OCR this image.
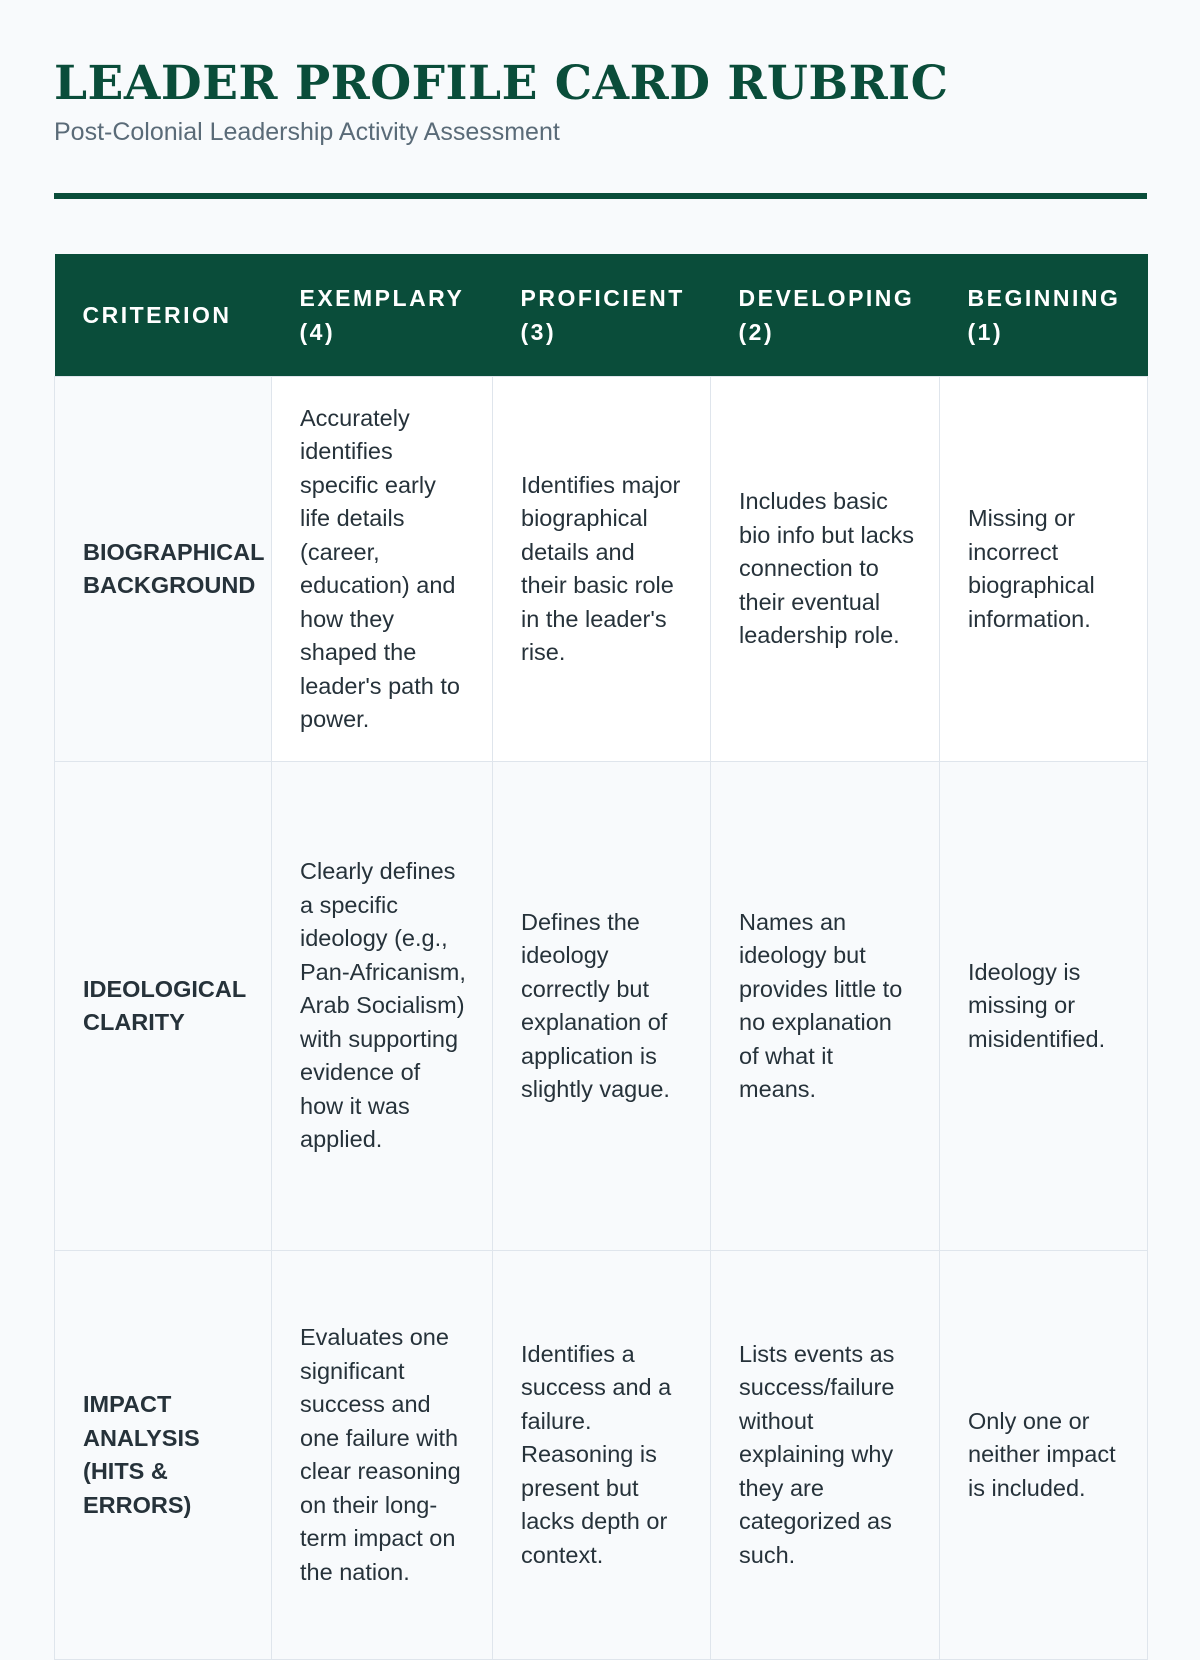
LEADER PROFILE CARD RUBRIC
Post-Colonial Leadership Activity Assessment
CRITERION	EXEMPLARY (4)	PROFICIENT (3)	DEVELOPING (2)	BEGINNING (1)
BIOGRAPHICAL BACKGROUND	Accurately identifies specific early life details (career, education) and how they shaped the leader's path to power.	Identifies major biographical details and their basic role in the leader's rise.	Includes basic bio info but lacks connection to their eventual leadership role.	Missing or incorrect biographical information.
IDEOLOGICAL CLARITY	Clearly defines a specific ideology (e.g., Pan-Africanism, Arab Socialism) with supporting evidence of how it was applied.	Defines the ideology correctly but explanation of application is slightly vague.	Names an ideology but provides little to no explanation of what it means.	Ideology is missing or misidentified.
IMPACT ANALYSIS (HITS & ERRORS)	Evaluates one significant success and one failure with clear reasoning on their long-term impact on the nation.	Identifies a success and a failure. Reasoning is present but lacks depth or context.	Lists events as success/failure without explaining why they are categorized as such.	Only one or neither impact is included.
